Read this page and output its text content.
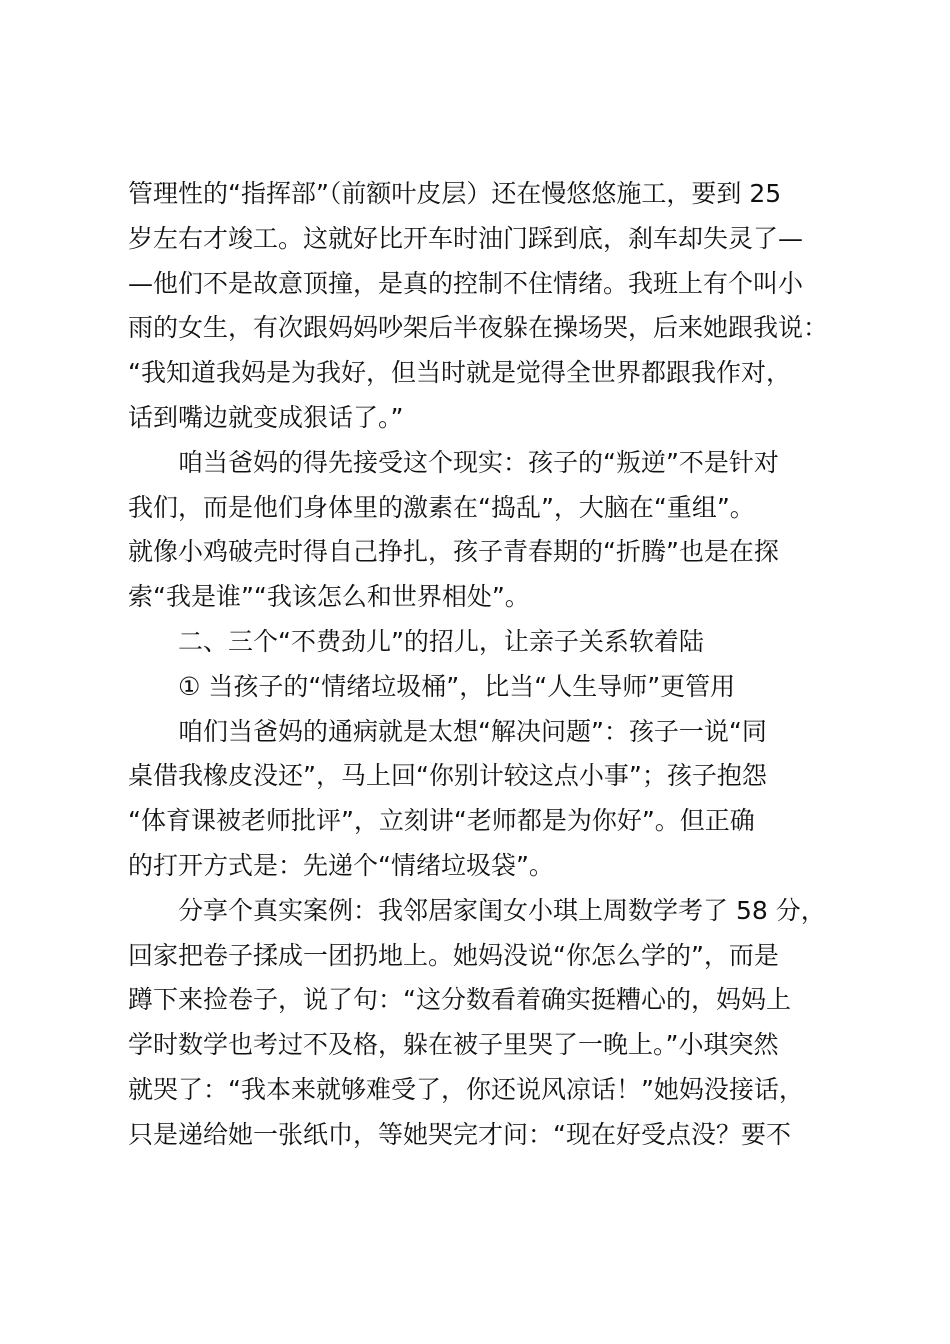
管理性的“指挥部”（前额叶皮层）还在慢悠悠施工，要到 25
岁左右才竣工。这就好比开车时油门踩到底，刹车却失灵了—
—他们不是故意顶撞，是真的控制不住情绪。我班上有个叫小
雨的女生，有次跟妈妈吵架后半夜躲在操场哭，后来她跟我说：
“我知道我妈是为我好，但当时就是觉得全世界都跟我作对，
话到嘴边就变成狠话了。”
咱当爸妈的得先接受这个现实：孩子的“叛逆”不是针对
我们，而是他们身体里的激素在“捣乱”，大脑在“重组”。
就像小鸡破壳时得自己挣扎，孩子青春期的“折腾”也是在探
索“我是谁”“我该怎么和世界相处”。
二、三个“不费劲儿”的招儿，让亲子关系软着陆
① 当孩子的“情绪垃圾桶”，比当“人生导师”更管用
咱们当爸妈的通病就是太想“解决问题”：孩子一说“同
桌借我橡皮没还”，马上回“你别计较这点小事”；孩子抱怨
“体育课被老师批评”，立刻讲“老师都是为你好”。但正确
的打开方式是：先递个“情绪垃圾袋”。
分享个真实案例：我邻居家闺女小琪上周数学考了 58 分，
回家把卷子揉成一团扔地上。她妈没说“你怎么学的”，而是
蹲下来捡卷子，说了句：“这分数看着确实挺糟心的，妈妈上
学时数学也考过不及格，躲在被子里哭了一晚上。”小琪突然
就哭了：“我本来就够难受了，你还说风凉话！”她妈没接话，
只是递给她一张纸巾，等她哭完才问：“现在好受点没？要不
